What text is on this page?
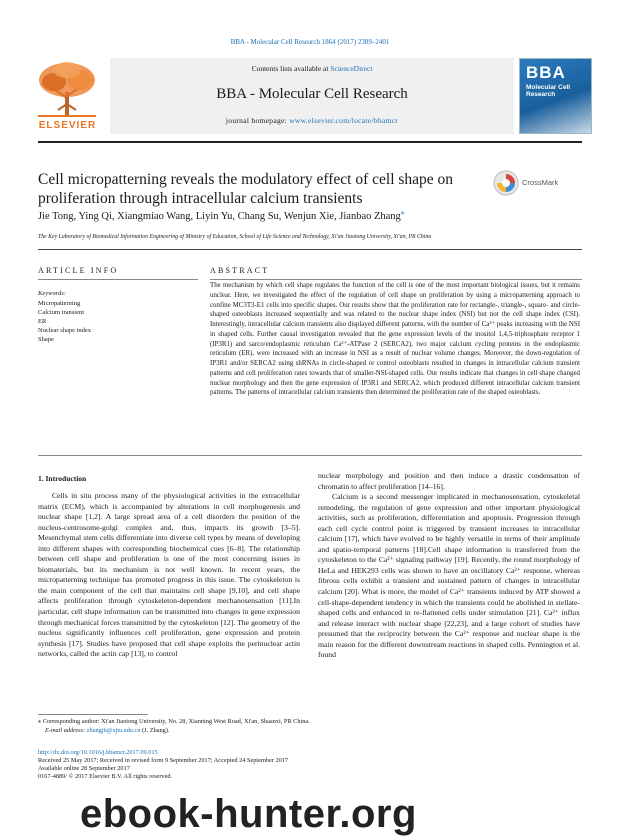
BBA - Molecular Cell Research 1864 (2017) 2389–2401
ELSEVIER
Contents lists available at ScienceDirect
BBA - Molecular Cell Research
journal homepage: www.elsevier.com/locate/bbamcr
BBA
Molecular Cell Research
Cell micropatterning reveals the modulatory effect of cell shape on proliferation through intracellular calcium transients
CrossMark
Jie Tong, Ying Qi, Xiangmiao Wang, Liyin Yu, Chang Su, Wenjun Xie, Jianbao Zhang⁎
The Key Laboratory of Biomedical Information Engineering of Ministry of Education, School of Life Science and Technology, Xi'an Jiaotong University, Xi'an, PR China
ARTICLE INFO
Keywords:
Micropatterning
Calcium transient
ER
Nuclear shape index
Shape
ABSTRACT
The mechanism by which cell shape regulates the function of the cell is one of the most important biological issues, but it remains unclear. Here, we investigated the effect of the regulation of cell shape on proliferation by using a micropatterning approach to confine MC3T3-E1 cells into specific shapes. Our results show that the proliferation rate for rectangle-, triangle-, square- and circle-shaped osteoblasts increased sequentially and was related to the nuclear shape index (NSI) but not the cell shape index (CSI). Interestingly, intracellular calcium transients also displayed different patterns, with the number of Ca²⁺ peaks increasing with the NSI in shaped cells. Further causal investigation revealed that the gene expression levels of the inositol 1,4,5-triphosphate receptor 1 (IP3R1) and sarco/endoplasmic reticulum Ca²⁺-ATPase 2 (SERCA2), two major calcium cycling proteins in the endoplasmic reticulum (ER), were increased with an increase in NSI as a result of nuclear volume changes. Moreover, the down-regulation of IP3R1 and/or SERCA2 using shRNAs in circle-shaped or control osteoblasts resulted in changes in intracellular calcium transient patterns and cell proliferation rates towards that of smaller-NSI-shaped cells. Our results indicate that changes in cell shape changed nuclear morphology and then the gene expression of IP3R1 and SERCA2, which produced different intracellular calcium transient patterns. The patterns of intracellular calcium transients then determined the proliferation rate of the shaped osteoblasts.
1. Introduction

Cells in situ process many of the physiological activities in the extracellular matrix (ECM), which is accompanied by alterations in cell morphogenesis and nuclear shape [1,2]. A large spread area of a cell disorders the position of the nucleus-centrosome-golgi complex and, thus, impacts its growth [3–5]. Mesenchymal stem cells differentiate into diverse cell types by means of developing into different shapes with corresponding biochemical cues [6–8]. The relationship between cell shape and proliferation is one of the most concerning issues in biomaterials, but its mechanism is not well known. In recent years, the micropatterning technique has promoted progress in this issue. The cytoskeleton is the main component of the cell that maintains cell shape [9,10], and cell shape affects proliferation through cytoskeleton-dependent mechanosensation [11].In particular, cell shape information can be transmitted into changes in gene expression through mechanical forces transmitted by the cytoskeleton [12]. The geometry of the nucleus significantly influences cell proliferation, gene expression and protein synthesis [17]. Studies have proposed that cell shape exploits the perinuclear actin networks, called the actin cap [13], to control

nuclear morphology and position and then induce a drastic condensation of chromatin to affect proliferation [14–16].

Calcium is a second messenger implicated in mechanosensation, cytoskeletal remodeling, the regulation of gene expression and other important physiological activities, such as proliferation, differentiation and apoptosis. Progression through each cell cycle control point is triggered by transient increases in intracellular calcium [17], which have evolved to be highly versatile in terms of their amplitude and spatio-temporal patterns [18].Cell shape information is transferred from the cytoskeleton to the Ca²⁺ signaling pathway [19]. Recently, the round morphology of HeLa and HEK293 cells was shown to have an oscillatory Ca²⁺ response, whereas fibrous cells exhibit a transient and sustained pattern of changes in intracellular calcium [20]. What is more, the model of Ca²⁺ transients induced by ATP showed a cell-shape-dependent tendency in which the transients could be abolished in stellate-shaped cells and enhanced in re-flattened cells under stimulation [21]. Ca²⁺ influx and release interact with nuclear shape [22,23], and a large cohort of studies have presumed that the reciprocity between the Ca²⁺ response and nuclear shape is the main reason for the different downstream reactions in shaped cells. Pennington et al. found

⁎ Corresponding author: Xi'an Jiaotong University, No. 28, Xianning West Road, Xi'an, Shaanxi, PR China.
E-mail address: zhangjb@xjtu.edu.cn (J. Zhang).
http://dx.doi.org/10.1016/j.bbamcr.2017.09.015
Received 25 May 2017; Received in revised form 9 September 2017; Accepted 24 September 2017
Available online 28 September 2017
0167-4889/ © 2017 Elsevier B.V. All rights reserved.
ebook-hunter.org
